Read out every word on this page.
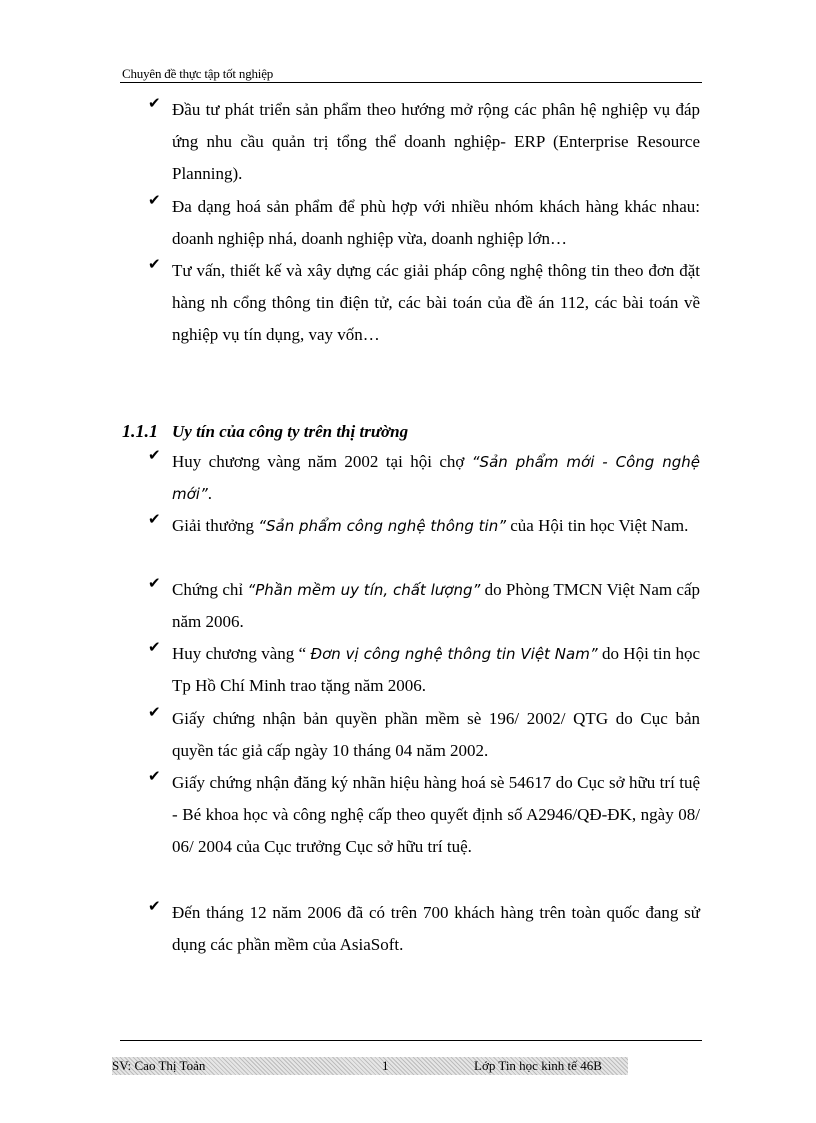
Chuyên đề thực tập tốt nghiệp
✔ Đầu tư phát triển sản phẩm theo hướng mở rộng các phân hệ nghiệp vụ đáp ứng nhu cầu quản trị tổng thể doanh nghiệp- ERP (Enterprise Resource Planning).
✔ Đa dạng hoá sản phẩm để phù hợp với nhiều nhóm khách hàng khác nhau: doanh nghiệp nhá, doanh nghiệp vừa, doanh nghiệp lớn…
✔ Tư vấn, thiết kế và xây dựng các giải pháp công nghệ thông tin theo đơn đặt hàng nh cổng thông tin điện tử, các bài toán của đề án 112, các bài toán về nghiệp vụ tín dụng, vay vốn…
1.1.1 Uy tín của công ty trên thị trường
✔ Huy chương vàng năm 2002 tại hội chợ “Sản phẩm mới - Công nghệ mới”.
✔ Giải thưởng “Sản phẩm công nghệ thông tin” của Hội tin học Việt Nam.
✔ Chứng chỉ “Phần mềm uy tín, chất lượng” do Phòng TMCN Việt Nam cấp năm 2006.
✔ Huy chương vàng “ Đơn vị công nghệ thông tin Việt Nam” do Hội tin học Tp Hồ Chí Minh trao tặng năm 2006.
✔ Giấy chứng nhận bản quyền phần mềm sè 196/ 2002/ QTG do Cục bản quyền tác giả cấp ngày 10 tháng 04 năm 2002.
✔ Giấy chứng nhận đăng ký nhãn hiệu hàng hoá sè 54617 do Cục sở hữu trí tuệ - Bé khoa học và công nghệ cấp theo quyết định số A2946/QĐ-ĐK, ngày 08/ 06/ 2004 của Cục trưởng Cục sở hữu trí tuệ.
✔ Đến tháng 12 năm 2006 đã có trên 700 khách hàng trên toàn quốc đang sử dụng các phần mềm của AsiaSoft.
SV: Cao Thị Toản	1	Lớp Tin học kinh tế 46B
